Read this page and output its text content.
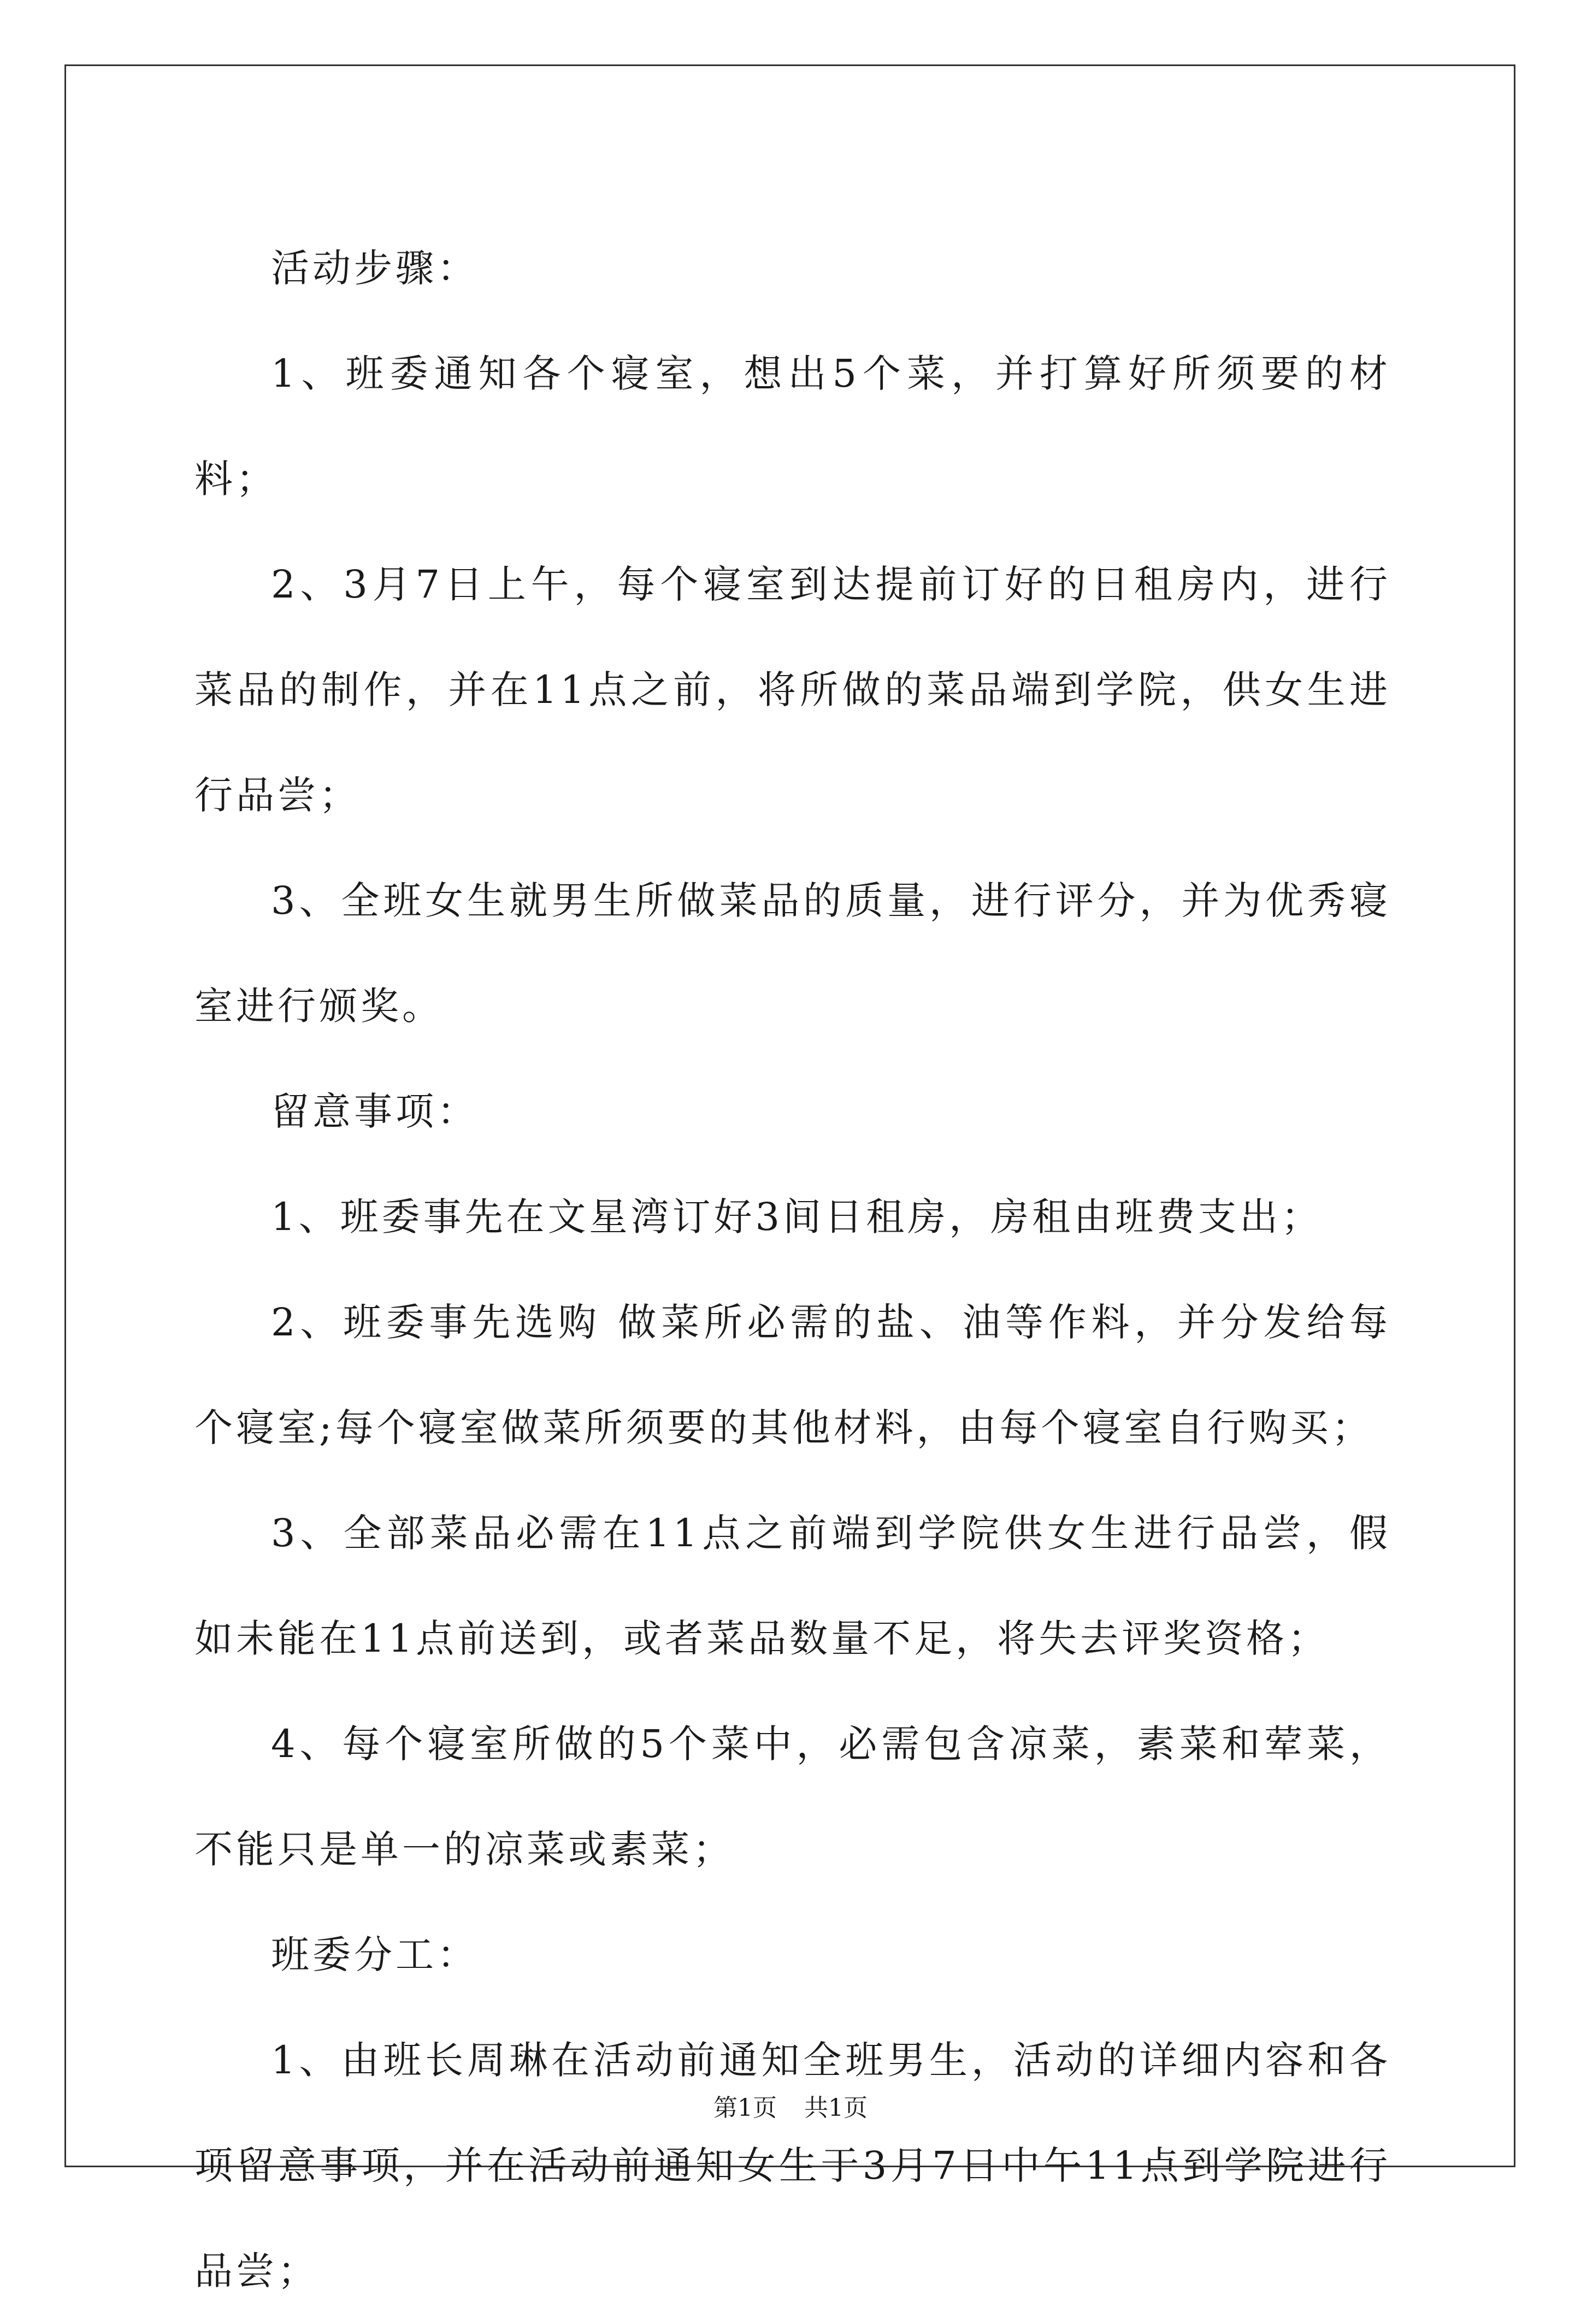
活动步骤：

1、班委通知各个寝室，想出5个菜，并打算好所须要的材料；

2、3月7日上午，每个寝室到达提前订好的日租房内，进行菜品的制作，并在11点之前，将所做的菜品端到学院，供女生进行品尝；

3、全班女生就男生所做菜品的质量，进行评分，并为优秀寝室进行颁奖。

留意事项：

1、班委事先在文星湾订好3间日租房，房租由班费支出；

2、班委事先选购 做菜所必需的盐、油等作料，并分发给每个寝室;每个寝室做菜所须要的其他材料，由每个寝室自行购买；

3、全部菜品必需在11点之前端到学院供女生进行品尝，假如未能在11点前送到，或者菜品数量不足，将失去评奖资格；

4、每个寝室所做的5个菜中，必需包含凉菜，素菜和荤菜，不能只是单一的凉菜或素菜；

班委分工：

1、由班长周琳在活动前通知全班男生，活动的详细内容和各项留意事项，并在活动前通知女生于3月7日中午11点到学院进行品尝；

第1页 共1页
